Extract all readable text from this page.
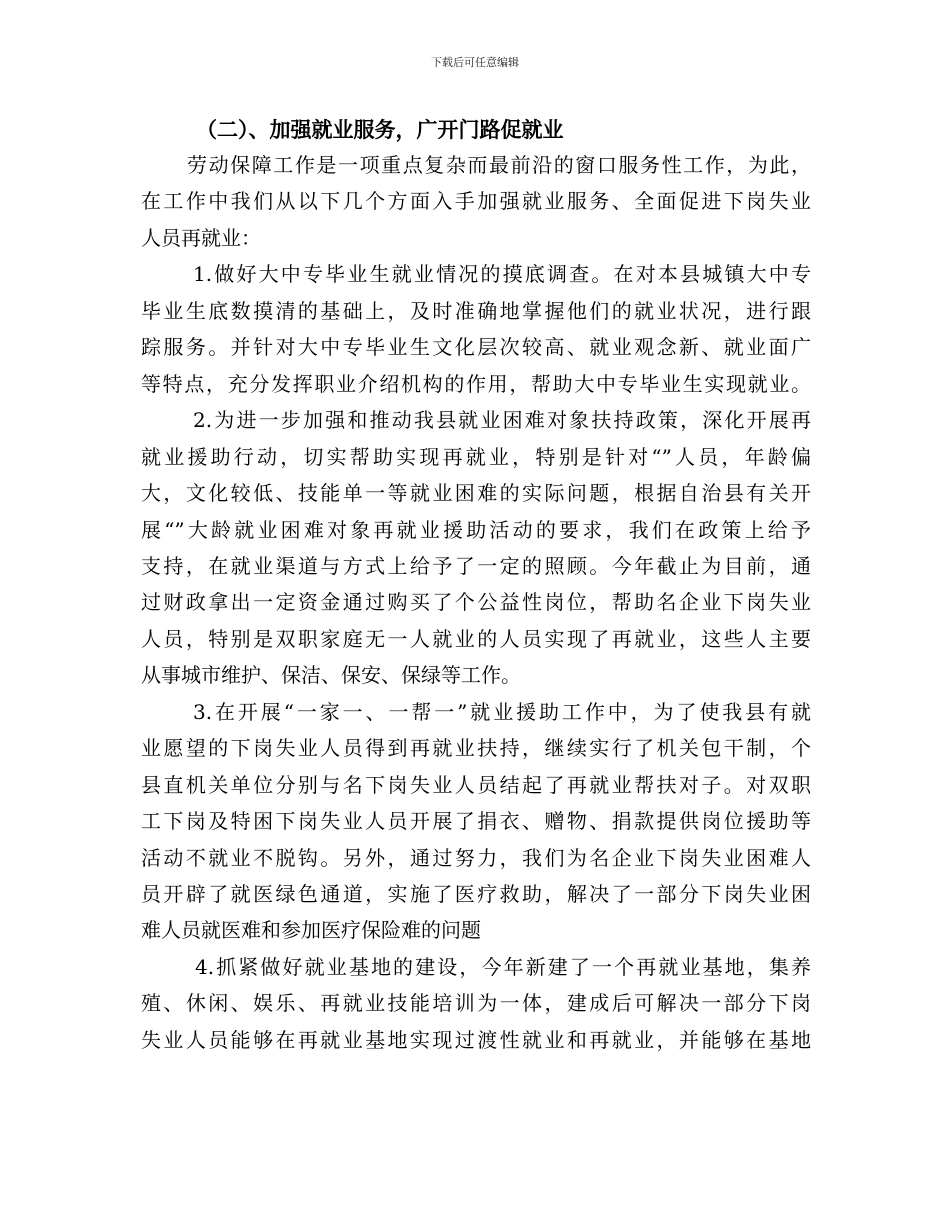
下载后可任意编辑
（二）、加强就业服务，广开门路促就业
劳动保障工作是一项重点复杂而最前沿的窗口服务性工作，为此，
在工作中我们从以下几个方面入手加强就业服务、全面促进下岗失业
人员再就业：
1.做好大中专毕业生就业情况的摸底调查。在对本县城镇大中专
毕业生底数摸清的基础上，及时准确地掌握他们的就业状况，进行跟
踪服务。并针对大中专毕业生文化层次较高、就业观念新、就业面广
等特点，充分发挥职业介绍机构的作用，帮助大中专毕业生实现就业。
2.为进一步加强和推动我县就业困难对象扶持政策，深化开展再
就业援助行动，切实帮助实现再就业，特别是针对“”人员，年龄偏
大，文化较低、技能单一等就业困难的实际问题，根据自治县有关开
展“”大龄就业困难对象再就业援助活动的要求，我们在政策上给予
支持，在就业渠道与方式上给予了一定的照顾。今年截止为目前，通
过财政拿出一定资金通过购买了个公益性岗位，帮助名企业下岗失业
人员，特别是双职家庭无一人就业的人员实现了再就业，这些人主要
从事城市维护、保洁、保安、保绿等工作。
3.在开展“一家一、一帮一”就业援助工作中，为了使我县有就
业愿望的下岗失业人员得到再就业扶持，继续实行了机关包干制，个
县直机关单位分别与名下岗失业人员结起了再就业帮扶对子。对双职
工下岗及特困下岗失业人员开展了捐衣、赠物、捐款提供岗位援助等
活动不就业不脱钩。另外，通过努力，我们为名企业下岗失业困难人
员开辟了就医绿色通道，实施了医疗救助，解决了一部分下岗失业困
难人员就医难和参加医疗保险难的问题
4.抓紧做好就业基地的建设，今年新建了一个再就业基地，集养
殖、休闲、娱乐、再就业技能培训为一体，建成后可解决一部分下岗
失业人员能够在再就业基地实现过渡性就业和再就业，并能够在基地
